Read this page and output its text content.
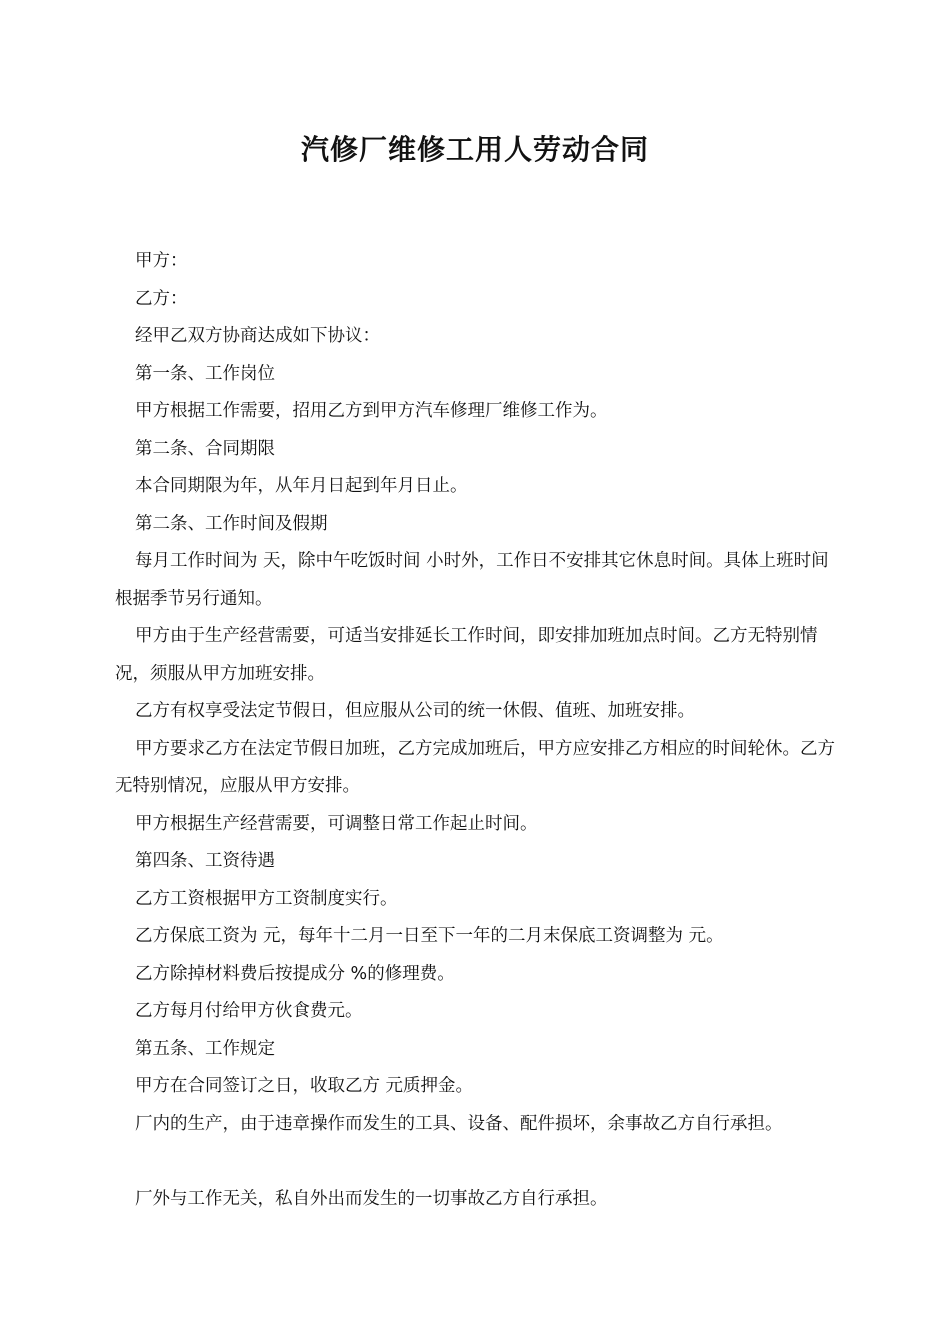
汽修厂维修工用人劳动合同

甲方：

乙方：

经甲乙双方协商达成如下协议：

第一条、工作岗位

甲方根据工作需要，招用乙方到甲方汽车修理厂维修工作为。

第二条、合同期限

本合同期限为年，从年月日起到年月日止。

第二条、工作时间及假期

每月工作时间为 天，除中午吃饭时间 小时外，工作日不安排其它休息时间。具体上班时间根据季节另行通知。

甲方由于生产经营需要，可适当安排延长工作时间，即安排加班加点时间。乙方无特别情况，须服从甲方加班安排。

乙方有权享受法定节假日，但应服从公司的统一休假、值班、加班安排。

甲方要求乙方在法定节假日加班，乙方完成加班后，甲方应安排乙方相应的时间轮休。乙方无特别情况，应服从甲方安排。

甲方根据生产经营需要，可调整日常工作起止时间。

第四条、工资待遇

乙方工资根据甲方工资制度实行。

乙方保底工资为 元，每年十二月一日至下一年的二月末保底工资调整为 元。

乙方除掉材料费后按提成分 %的修理费。

乙方每月付给甲方伙食费元。

第五条、工作规定

甲方在合同签订之日，收取乙方 元质押金。

厂内的生产，由于违章操作而发生的工具、设备、配件损坏，余事故乙方自行承担。

厂外与工作无关，私自外出而发生的一切事故乙方自行承担。
